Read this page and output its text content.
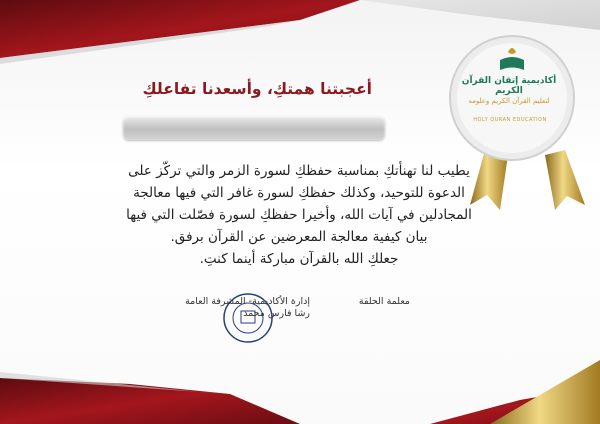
أعجبتنا همتكِ، وأسعدنا تفاعلكِ

يطيب لنا تهنأتكِ بمناسبة حفظكِ لسورة الزمر والتي تركّز على

الدعوة للتوحيد، وكذلك حفظكِ لسورة غافر التي فيها معالجة

المجادلين في آيات الله، وأخيرا حفظكِ لسورة فصّلت التي فيها

بيان كيفية معالجة المعرضين عن القرآن برفق.

جعلكِ الله بالقرآن مباركة أينما كنتِ.

إدارة الأكاديمية- المشرفة العامة
رشا فارس محمد
معلمة الحلقة
أكاديمية إتقان القرآن الكريم
لتعليم القرآن الكريم وعلومه
HOLY QURAN EDUCATION
